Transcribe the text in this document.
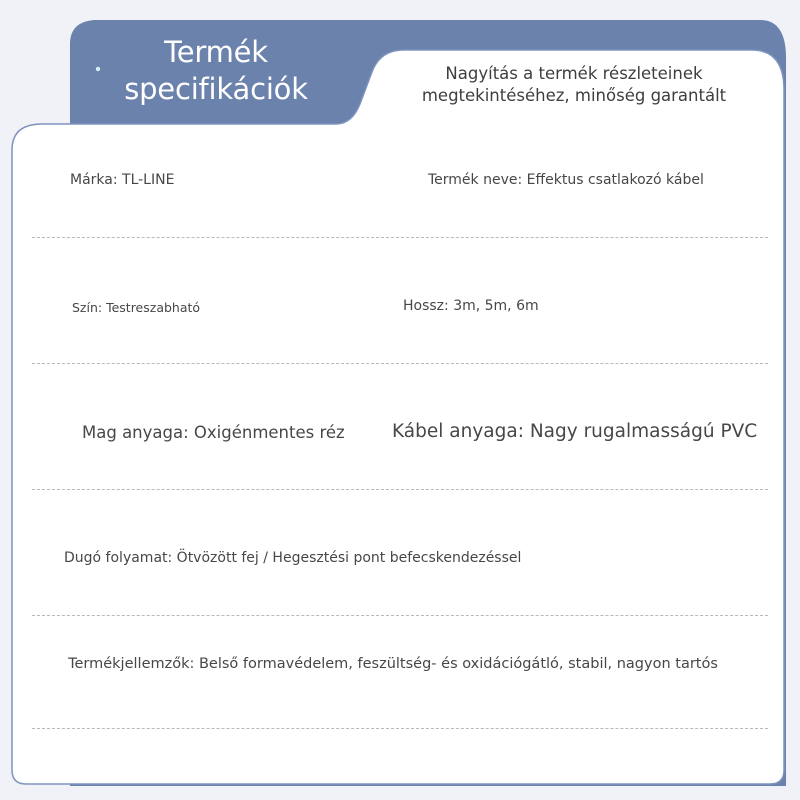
Termék specifikációk	Nagyítás a termék részleteinek megtekintéséhez, minőség garantált
Márka: TL-LINE	Termék neve: Effektus csatlakozó kábel
Szín: Testreszabható	Hossz: 3m, 5m, 6m
Mag anyaga: Oxigénmentes réz	Kábel anyaga: Nagy rugalmasságú PVC
Dugó folyamat: Ötvözött fej / Hegesztési pont befecskendezéssel
Termékjellemzők: Belső formavédelem, feszültség- és oxidációgátló, stabil, nagyon tartós
